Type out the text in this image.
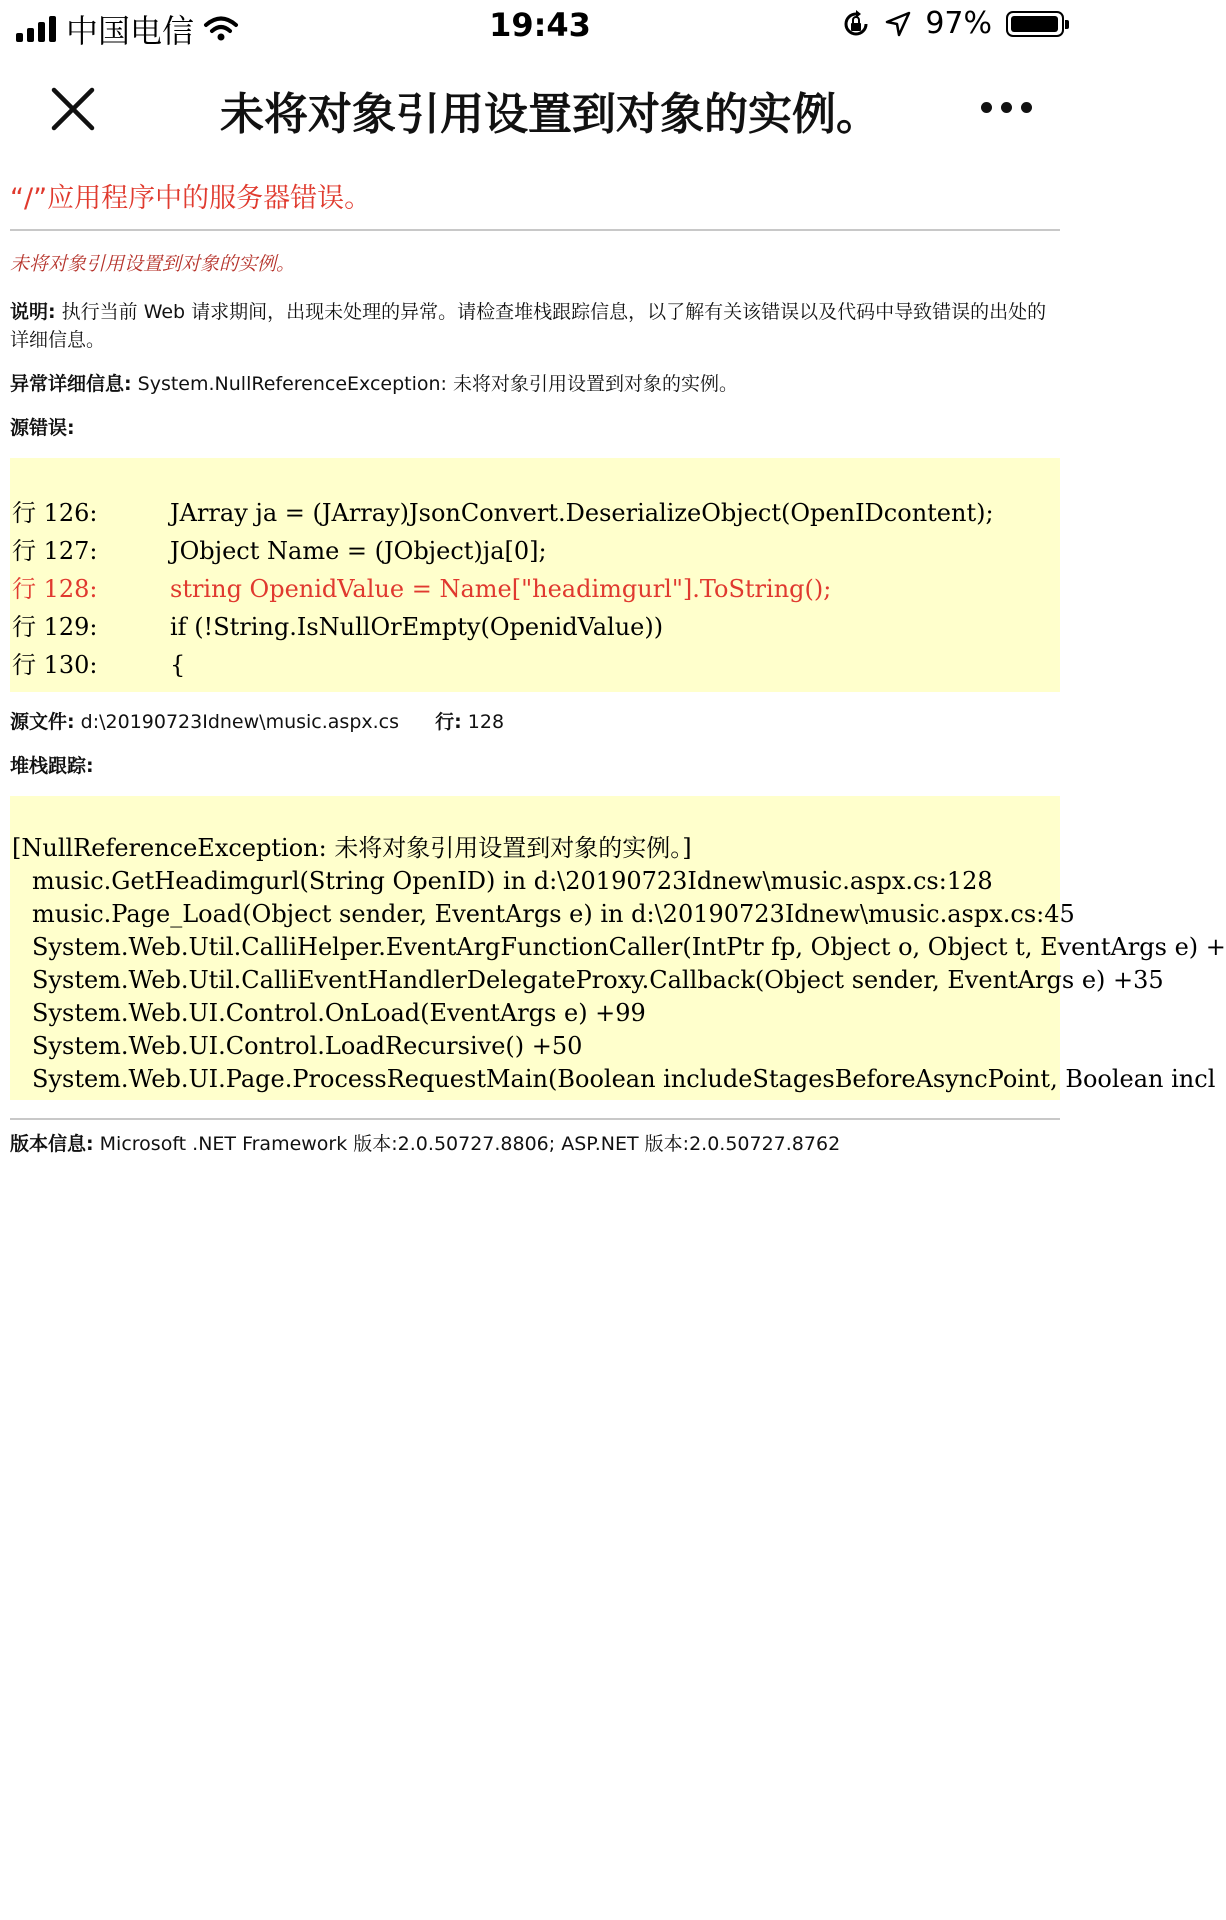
中国电信	19:43	97%
未将对象引用设置到对象的实例。
“/”应用程序中的服务器错误。
未将对象引用设置到对象的实例。
说明: 执行当前 Web 请求期间，出现未处理的异常。请检查堆栈跟踪信息，以了解有关该错误以及代码中导致错误的出处的详细信息。
异常详细信息: System.NullReferenceException: 未将对象引用设置到对象的实例。
源错误:
行 126:	JArray ja = (JArray)JsonConvert.DeserializeObject(OpenIDcontent);
行 127:	JObject Name = (JObject)ja[0];
行 128:	string OpenidValue = Name["headimgurl"].ToString();
行 129:	if (!String.IsNullOrEmpty(OpenidValue))
行 130:	{
源文件: d:\20190723Idnew\music.aspx.cs 行: 128
堆栈跟踪:
[NullReferenceException: 未将对象引用设置到对象的实例。]
music.GetHeadimgurl(String OpenID) in d:\20190723Idnew\music.aspx.cs:128
music.Page_Load(Object sender, EventArgs e) in d:\20190723Idnew\music.aspx.cs:45
System.Web.Util.CalliHelper.EventArgFunctionCaller(IntPtr fp, Object o, Object t, EventArgs e) +
System.Web.Util.CalliEventHandlerDelegateProxy.Callback(Object sender, EventArgs e) +35
System.Web.UI.Control.OnLoad(EventArgs e) +99
System.Web.UI.Control.LoadRecursive() +50
System.Web.UI.Page.ProcessRequestMain(Boolean includeStagesBeforeAsyncPoint, Boolean incl
版本信息: Microsoft .NET Framework 版本:2.0.50727.8806; ASP.NET 版本:2.0.50727.8762
